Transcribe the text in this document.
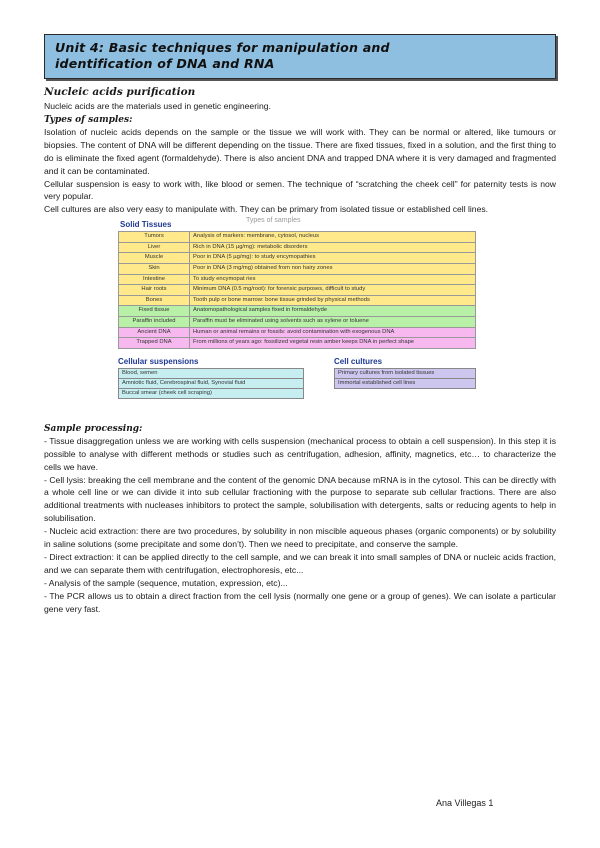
Unit 4: Basic techniques for manipulation and
identification of DNA and RNA
Nucleic acids purification

Nucleic acids are the materials used in genetic engineering.

Types of samples:

Isolation of nucleic acids depends on the sample or the tissue we will work with. They can be normal or altered, like tumours or biopsies. The content of DNA will be different depending on the tissue. There are fixed tissues, fixed in a solution, and the first thing to do is eliminate the fixed agent (formaldehyde). There is also ancient DNA and trapped DNA where it is very damaged and fragmented and it can be contaminated.

Cellular suspension is easy to work with, like blood or semen. The technique of “scratching the cheek cell” for paternity tests is now very popular.

Cell cultures are also very easy to manipulate with. They can be primary from isolated tissue or established cell lines.

Types of samples
Solid Tissues
Tumors	Analysis of markers: membrane, cytosol, nucleus
Liver	Rich in DNA (15 µg/mg): metabolic disorders
Muscle	Poor in DNA (5 µg/mg): to study encymopathies
Skin	Poor in DNA (3 mg/mg) obtained from non hairy zones
Intestine	To study encymopat ries
Hair roots	Minimum DNA (0.5 mg/root): for forensic purposes, difficult to study
Bones	Tooth pulp or bone marrow: bone tissue grinded by physical methods
Fixed tissue	Anatomopathological samples fixed in formaldehyde
Paraffin included	Paraffin must be eliminated using solvents such as xylene or toluene
Ancient DNA	Human or animal remains or fossils: avoid contamination with exogenous DNA
Trapped DNA	From millions of years ago: fossilized vegetal resin amber keeps DNA in perfect shape
Cellular suspensions
Blood, semen
Amniotic fluid, Cerebrospinal fluid, Synovial fluid
Buccal smear (cheek cell scraping)
Cell cultures
Primary cultures from isolated tissues
Immortal established cell lines
Sample processing:

- Tissue disaggregation unless we are working with cells suspension (mechanical process to obtain a cell suspension). In this step it is possible to analyse with different methods or studies such as centrifugation, adhesion, affinity, magnetics, etc… to characterize the cells we have.

- Cell lysis: breaking the cell membrane and the content of the genomic DNA because mRNA is in the cytosol. This can be directly with a whole cell line or we can divide it into sub cellular fractioning with the purpose to separate sub cellular fractions. There are also additional treatments with nucleases inhibitors to protect the sample, solubilisation with detergents, salts or reducing agents to help in solubilisation.

- Nucleic acid extraction: there are two procedures, by solubility in non miscible aqueous phases (organic components) or by solubility in saline solutions (some precipitate and some don’t). Then we need to precipitate, and conserve the sample.

- Direct extraction: it can be applied directly to the cell sample, and we can break it into small samples of DNA or nucleic acids fraction, and we can separate them with centrifugation, electrophoresis, etc...

- Analysis of the sample (sequence, mutation, expression, etc)...

- The PCR allows us to obtain a direct fraction from the cell lysis (normally one gene or a group of genes). We can isolate a particular gene very fast.

Ana Villegas 1
